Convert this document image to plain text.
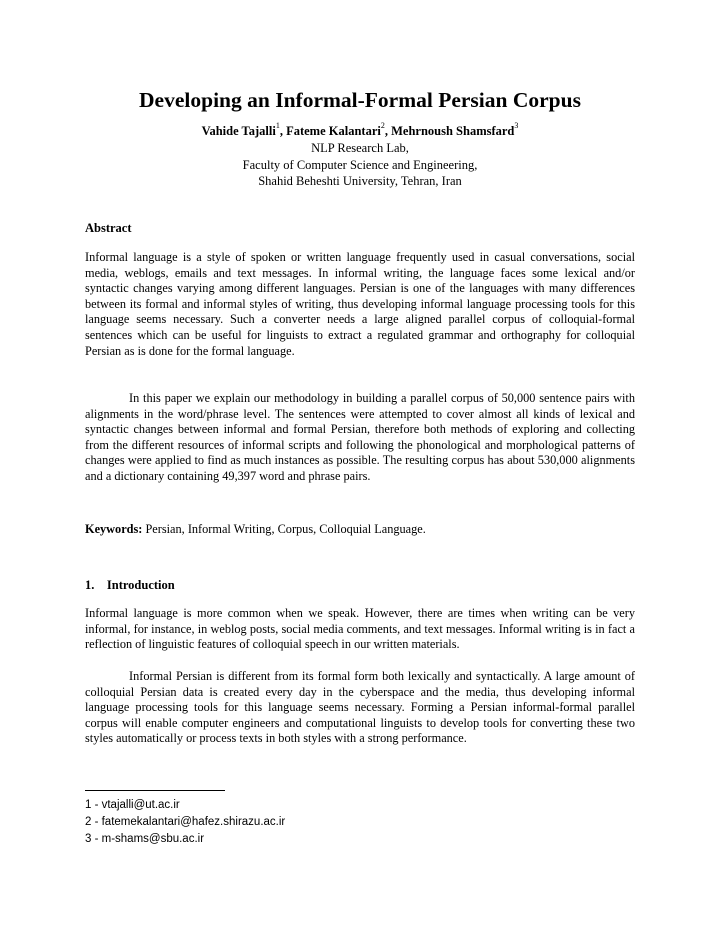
Developing an Informal-Formal Persian Corpus
Vahide Tajalli$^1$, Fateme Kalantari$^2$, Mehrnoush Shamsfard$^3$
NLP Research Lab,
Faculty of Computer Science and Engineering,
Shahid Beheshti University, Tehran, Iran
Abstract

Informal language is a style of spoken or written language frequently used in casual conversations, social media, weblogs, emails and text messages. In informal writing, the language faces some lexical and/or syntactic changes varying among different languages. Persian is one of the languages with many differences between its formal and informal styles of writing, thus developing informal language processing tools for this language seems necessary. Such a converter needs a large aligned parallel corpus of colloquial-formal sentences which can be useful for linguists to extract a regulated grammar and orthography for colloquial Persian as is done for the formal language.

In this paper we explain our methodology in building a parallel corpus of 50,000 sentence pairs with alignments in the word/phrase level. The sentences were attempted to cover almost all kinds of lexical and syntactic changes between informal and formal Persian, therefore both methods of exploring and collecting from the different resources of informal scripts and following the phonological and morphological patterns of changes were applied to find as much instances as possible. The resulting corpus has about 530,000 alignments and a dictionary containing 49,397 word and phrase pairs.

Keywords: Persian, Informal Writing, Corpus, Colloquial Language.

1.    Introduction

Informal language is more common when we speak. However, there are times when writing can be very informal, for instance, in weblog posts, social media comments, and text messages. Informal writing is in fact a reflection of linguistic features of colloquial speech in our written materials.

Informal Persian is different from its formal form both lexically and syntactically. A large amount of colloquial Persian data is created every day in the cyberspace and the media, thus developing informal language processing tools for this language seems necessary. Forming a Persian informal-formal parallel corpus will enable computer engineers and computational linguists to develop tools for converting these two styles automatically or process texts in both styles with a strong performance.

1 - vtajalli@ut.ac.ir
2 - fatemekalantari@hafez.shirazu.ac.ir
3 - m-shams@sbu.ac.ir
